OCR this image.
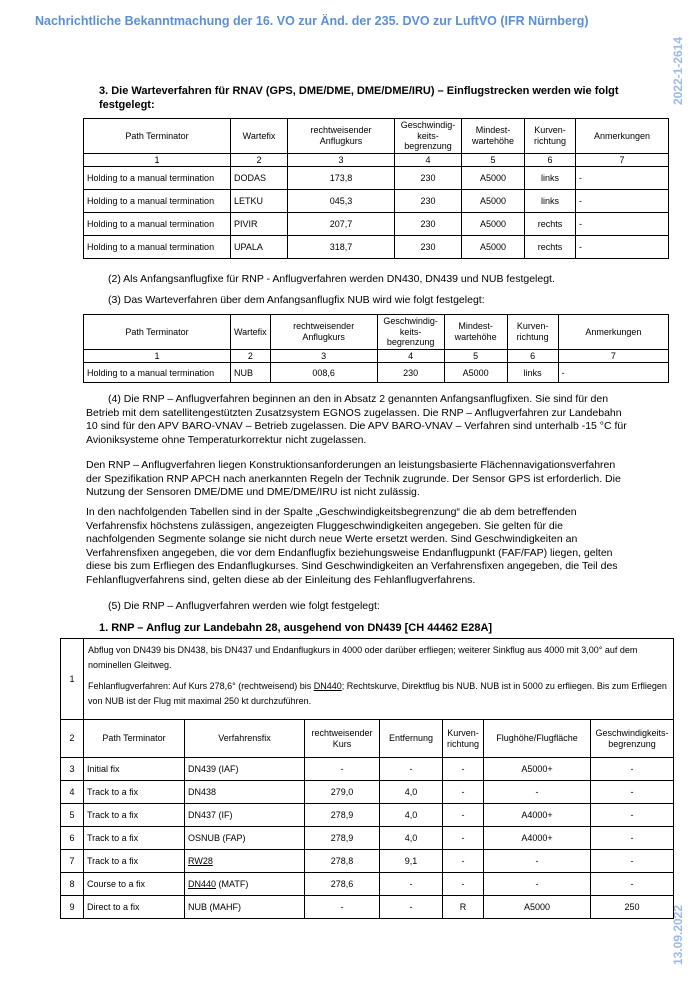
Nachrichtliche Bekanntmachung der 16. VO zur Änd. der 235. DVO zur LuftVO (IFR Nürnberg)
2022-1-2614
13.09.2022
3. Die Warteverfahren für RNAV (GPS, DME/DME, DME/DME/IRU) – Einflugstrecken werden wie folgt festgelegt:
Path Terminator	Wartefix	rechtweisender Anflugkurs	Geschwindig-keits-begrenzung	Mindest-wartehöhe	Kurven-richtung	Anmerkungen
1	2	3	4	5	6	7
Holding to a manual termination	DODAS	173,8	230	A5000	links	-
Holding to a manual termination	LETKU	045,3	230	A5000	links	-
Holding to a manual termination	PIVIR	207,7	230	A5000	rechts	-
Holding to a manual termination	UPALA	318,7	230	A5000	rechts	-
(2) Als Anfangsanflugfixe für RNP - Anflugverfahren werden DN430, DN439 und NUB festgelegt.
(3) Das Warteverfahren über dem Anfangsanflugfix NUB wird wie folgt festgelegt:
Path Terminator	Wartefix	rechtweisender Anflugkurs	Geschwindig-keits-begrenzung	Mindest-wartehöhe	Kurven-richtung	Anmerkungen
1	2	3	4	5	6	7
Holding to a manual termination	NUB	008,6	230	A5000	links	-
(4) Die RNP – Anflugverfahren beginnen an den in Absatz 2 genannten Anfangsanflugfixen. Sie sind für den Betrieb mit dem satellitengestützten Zusatzsystem EGNOS zugelassen. Die RNP – Anflugverfahren zur Landebahn 10 sind für den APV BARO-VNAV – Betrieb zugelassen. Die APV BARO-VNAV – Verfahren sind unterhalb -15 °C für Avioniksysteme ohne Temperaturkorrektur nicht zugelassen.
Den RNP – Anflugverfahren liegen Konstruktionsanforderungen an leistungsbasierte Flächennavigationsverfahren der Spezifikation RNP APCH nach anerkannten Regeln der Technik zugrunde. Der Sensor GPS ist erforderlich. Die Nutzung der Sensoren DME/DME und DME/DME/IRU ist nicht zulässig.
In den nachfolgenden Tabellen sind in der Spalte „Geschwindigkeitsbegrenzung“ die ab dem betreffenden Verfahrensfix höchstens zulässigen, angezeigten Fluggeschwindigkeiten angegeben. Sie gelten für die nachfolgenden Segmente solange sie nicht durch neue Werte ersetzt werden. Sind Geschwindigkeiten an Verfahrensfixen angegeben, die vor dem Endanflugfix beziehungsweise Endanflugpunkt (FAF/FAP) liegen, gelten diese bis zum Erfliegen des Endanflugkurses. Sind Geschwindigkeiten an Verfahrensfixen angegeben, die Teil des Fehlanflugverfahrens sind, gelten diese ab der Einleitung des Fehlanflugverfahrens.
(5) Die RNP – Anflugverfahren werden wie folgt festgelegt:
1. RNP – Anflug zur Landebahn 28, ausgehend von DN439 [CH 44462 E28A]
1	Abflug von DN439 bis DN438, bis DN437 und Endanflugkurs in 4000 oder darüber erfliegen; weiterer Sinkflug aus 4000 mit 3,00° auf dem nominellen Gleitweg.

Fehlanflugverfahren: Auf Kurs 278,6° (rechtweisend) bis DN440; Rechtskurve, Direktflug bis NUB. NUB ist in 5000 zu erfliegen. Bis zum Erfliegen von NUB ist der Flug mit maximal 250 kt durchzuführen.						

2	Path Terminator	Verfahrensfix	rechtweisender Kurs	Entfernung	Kurven-richtung	Flughöhe/Flugfläche	Geschwindigkeits-begrenzung
3	Initial fix	DN439 (IAF)	-	-	-	A5000+	-
4	Track to a fix	DN438	279,0	4,0	-	-	-
5	Track to a fix	DN437 (IF)	278,9	4,0	-	A4000+	-
6	Track to a fix	OSNUB (FAP)	278,9	4,0	-	A4000+	-
7	Track to a fix	RW28	278,8	9,1	-	-	-
8	Course to a fix	DN440 (MATF)	278,6	-	-	-	-
9	Direct to a fix	NUB (MAHF)	-	-	R	A5000	250
